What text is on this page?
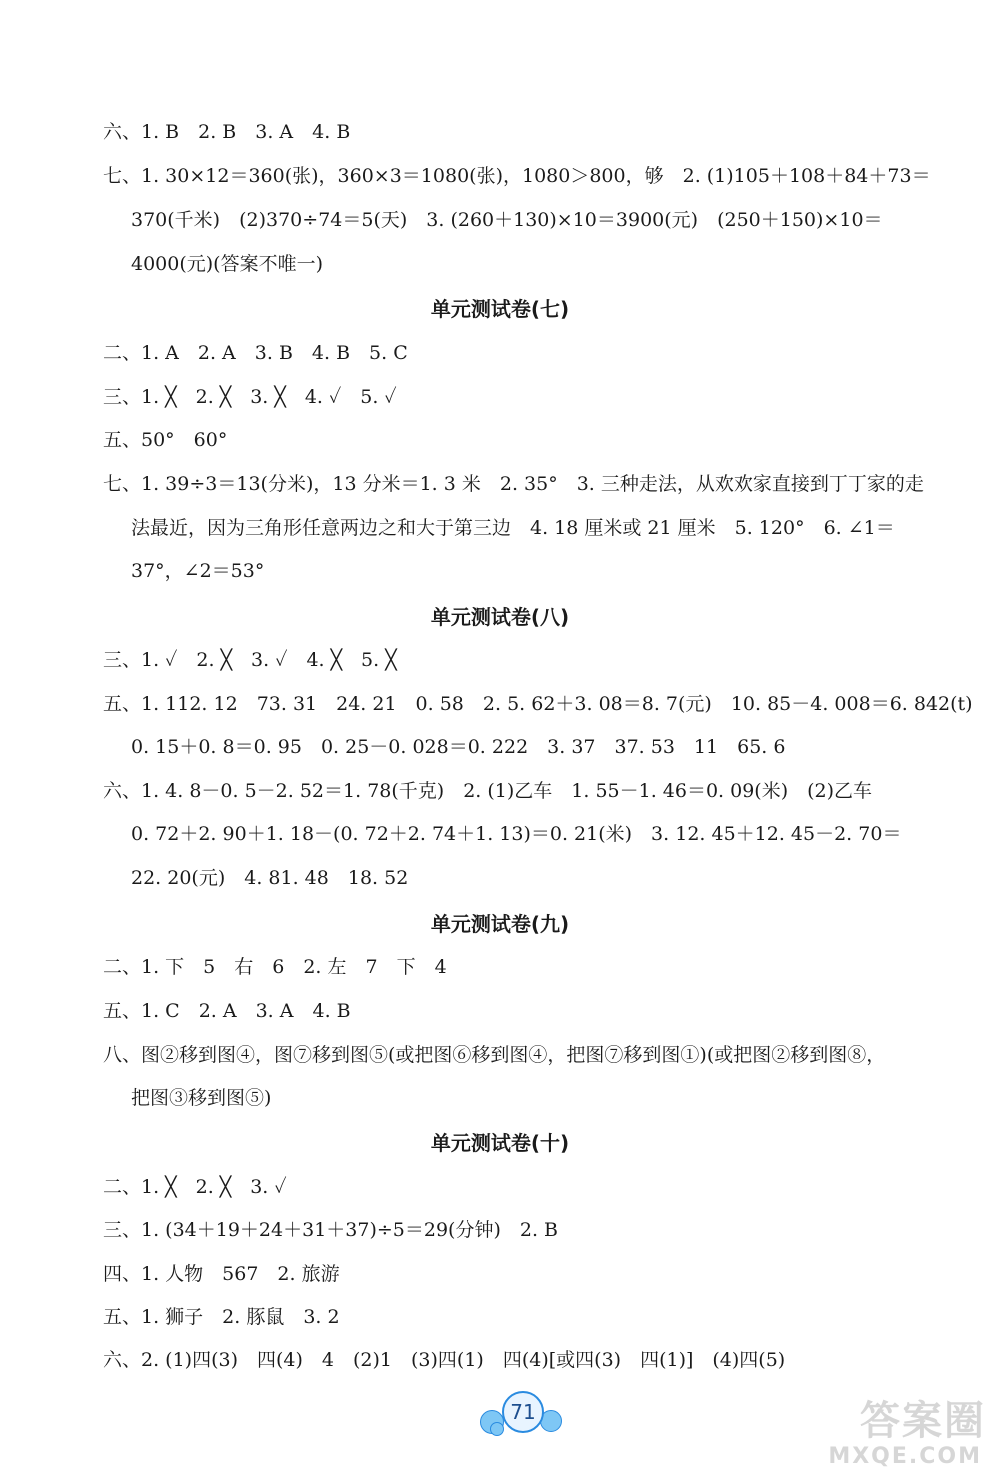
六、1. B　2. B　3. A　4. B
七、1. 30×12＝360(张)，360×3＝1080(张)，1080＞800，够　2. (1)105＋108＋84＋73＝
370(千米)　(2)370÷74＝5(天)　3. (260＋130)×10＝3900(元)　(250＋150)×10＝
4000(元)(答案不唯一)
单元测试卷(七)
二、1. A　2. A　3. B　4. B　5. C
三、1. ╳　2. ╳　3. ╳　4. ✓　5. ✓
五、50°　60°
七、1. 39÷3＝13(分米)，13 分米＝1. 3 米　2. 35°　3. 三种走法，从欢欢家直接到丁丁家的走
法最近，因为三角形任意两边之和大于第三边　4. 18 厘米或 21 厘米　5. 120°　6. ∠1＝
37°，∠2＝53°
单元测试卷(八)
三、1. ✓　2. ╳　3. ✓　4. ╳　5. ╳
五、1. 112. 12　73. 31　24. 21　0. 58　2. 5. 62＋3. 08＝8. 7(元)　10. 85－4. 008＝6. 842(t)
0. 15＋0. 8＝0. 95　0. 25－0. 028＝0. 222　3. 37　37. 53　11　65. 6
六、1. 4. 8－0. 5－2. 52＝1. 78(千克)　2. (1)乙车　1. 55－1. 46＝0. 09(米)　(2)乙车
0. 72＋2. 90＋1. 18－(0. 72＋2. 74＋1. 13)＝0. 21(米)　3. 12. 45＋12. 45－2. 70＝
22. 20(元)　4. 81. 48　18. 52
单元测试卷(九)
二、1. 下　5　右　6　2. 左　7　下　4
五、1. C　2. A　3. A　4. B
八、图②移到图④，图⑦移到图⑤(或把图⑥移到图④，把图⑦移到图①)(或把图②移到图⑧，
把图③移到图⑤)
单元测试卷(十)
二、1. ╳　2. ╳　3. ✓
三、1. (34＋19＋24＋31＋37)÷5＝29(分钟)　2. B
四、1. 人物　567　2. 旅游
五、1. 狮子　2. 豚鼠　3. 2
六、2. (1)四(3)　四(4)　4　(2)1　(3)四(1)　四(4)[或四(3)　四(1)]　(4)四(5)
71	答案圈
MXQE.COM
